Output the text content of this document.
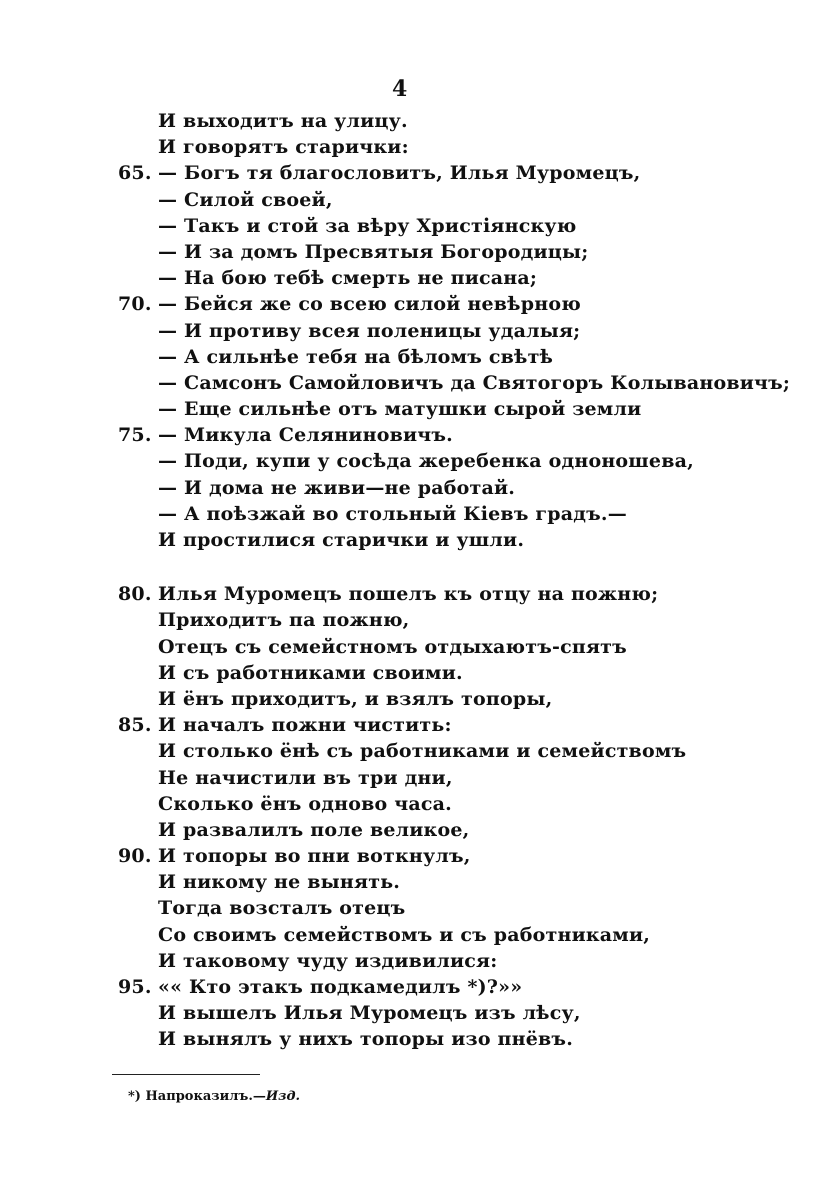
4
И выходитъ на улицу.
И говорятъ старички:
65. — Богъ тя благословитъ, Илья Муромецъ,
— Силой своей,
— Такъ и стой за вѣру Христіянскую
— И за домъ Пресвятыя Богородицы;
— На бою тебѣ смерть не писана;
70. — Бейся же со всею силой невѣрною
— И противу всея поленицы удалыя;
— А сильнѣе тебя на бѣломъ свѣтѣ
— Самсонъ Самойловичъ да Святогоръ Колывановичъ;
— Еще сильнѣе отъ матушки сырой земли
75. — Микула Селяниновичъ.
— Поди, купи у сосѣда жеребенка одноношева,
— И дома не живи—не работай.
— А поѣзжай во стольный Кіевъ градъ.—
И простилися старички и ушли.
80. Илья Муромецъ пошелъ къ отцу на пожню;
Приходитъ па пожню,
Отецъ съ семейстномъ отдыхаютъ-спятъ
И съ работниками своими.
И ёнъ приходитъ, и взялъ топоры,
85. И началъ пожни чистить:
И столько ёнѣ съ работниками и семействомъ
Не начистили въ три дни,
Сколько ёнъ одново часа.
И развалилъ поле великое,
90. И топоры во пни воткнулъ,
И никому не вынять.
Тогда возсталъ отецъ
Со своимъ семействомъ и съ работниками,
И таковому чуду издивилися:
95. «« Кто этакъ подкамедилъ *)?»»
И вышелъ Илья Муромецъ изъ лѣсу,
И вынялъ у нихъ топоры изо пнёвъ.
*) Напроказилъ.—Изд.
